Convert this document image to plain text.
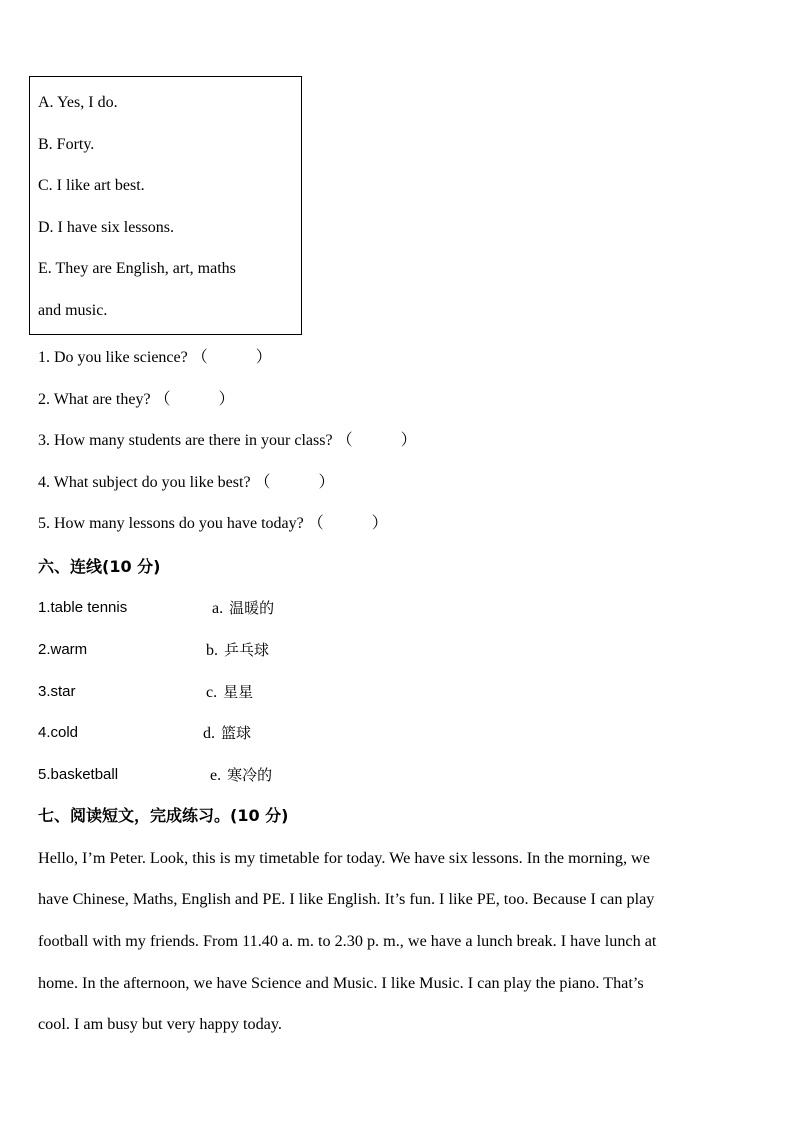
A. Yes, I do.
B. Forty.
C. I like art best.
D. I have six lessons.
E. They are English, art, maths
and music.
1. Do you like science? （　　　）
2. What are they? （　　　）
3. How many students are there in your class? （　　　）
4. What subject do you like best? （　　　）
5. How many lessons do you have today? （　　　）
六、连线(10 分)
1.table tennis
2.warm
3.star
4.cold
5.basketball
a. 温暖的
b. 乒乓球
c. 星星
d. 篮球
e. 寒冷的
七、阅读短文，完成练习。(10 分)
Hello, I’m Peter. Look, this is my timetable for today. We have six lessons. In the morning, we
have Chinese, Maths, English and PE. I like English. It’s fun. I like PE, too. Because I can play
football with my friends. From 11.40 a. m. to 2.30 p. m., we have a lunch break. I have lunch at
home. In the afternoon, we have Science and Music. I like Music. I can play the piano. That’s
cool. I am busy but very happy today.
